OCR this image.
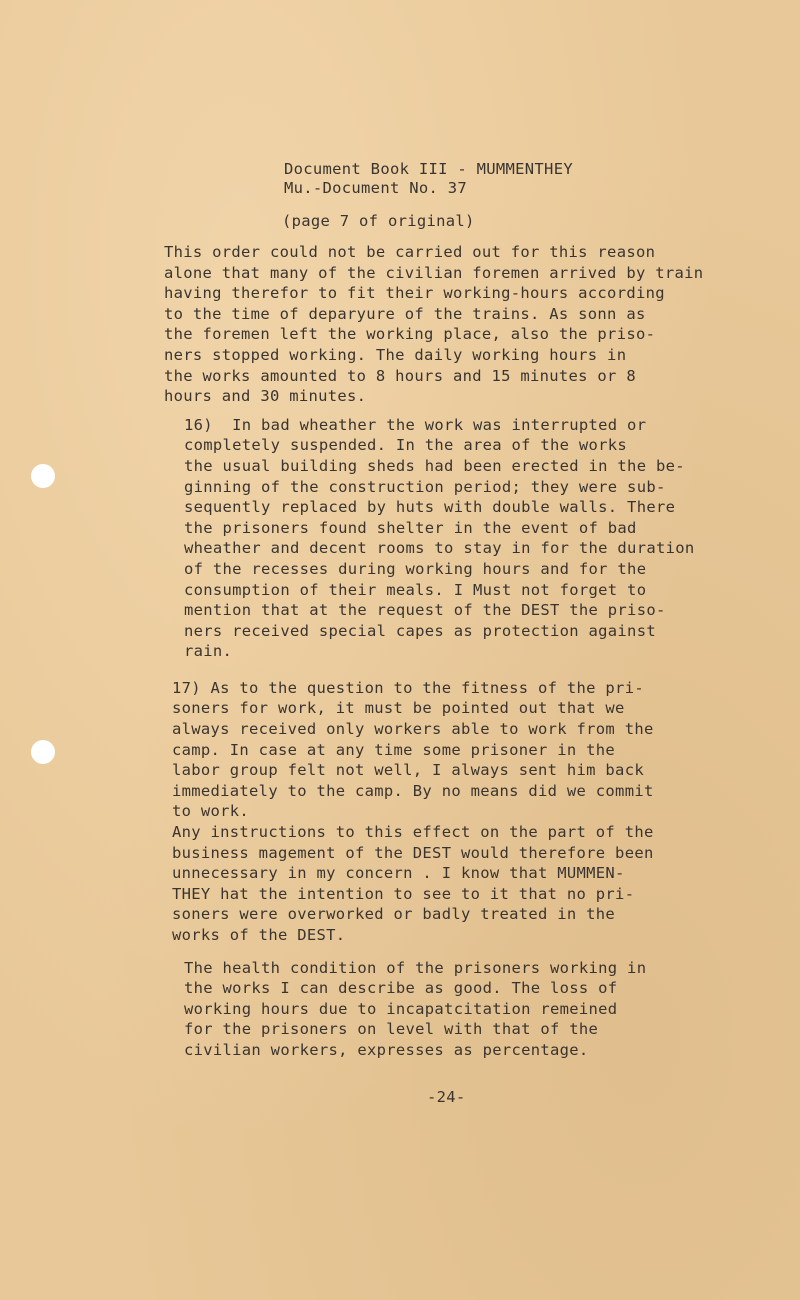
Document Book III - MUMMENTHEY
Mu.-Document No. 37
(page 7 of original)
This order could not be carried out for this reason
alone that many of the civilian foremen arrived by train
having therefor to fit their working-hours according
to the time of deparyure of the trains. As sonn as
the foremen left the working place, also the priso-
ners stopped working. The daily working hours in
the works amounted to 8 hours and 15 minutes or 8
hours and 30 minutes.
16)  In bad wheather the work was interrupted or
completely suspended. In the area of the works
the usual building sheds had been erected in the be-
ginning of the construction period; they were sub-
sequently replaced by huts with double walls. There
the prisoners found shelter in the event of bad
wheather and decent rooms to stay in for the duration
of the recesses during working hours and for the
consumption of their meals. I Must not forget to
mention that at the request of the DEST the priso-
ners received special capes as protection against
rain.
17) As to the question to the fitness of the pri-
soners for work, it must be pointed out that we
always received only workers able to work from the
camp. In case at any time some prisoner in the
labor group felt not well, I always sent him back
immediately to the camp. By no means did we commit
to work.
Any instructions to this effect on the part of the
business magement of the DEST would therefore been
unnecessary in my concern . I know that MUMMEN-
THEY hat the intention to see to it that no pri-
soners were overworked or badly treated in the
works of the DEST.
The health condition of the prisoners working in
the works I can describe as good. The loss of
working hours due to incapatcitation remeined
for the prisoners on level with that of the
civilian workers, expresses as percentage.
-24-
